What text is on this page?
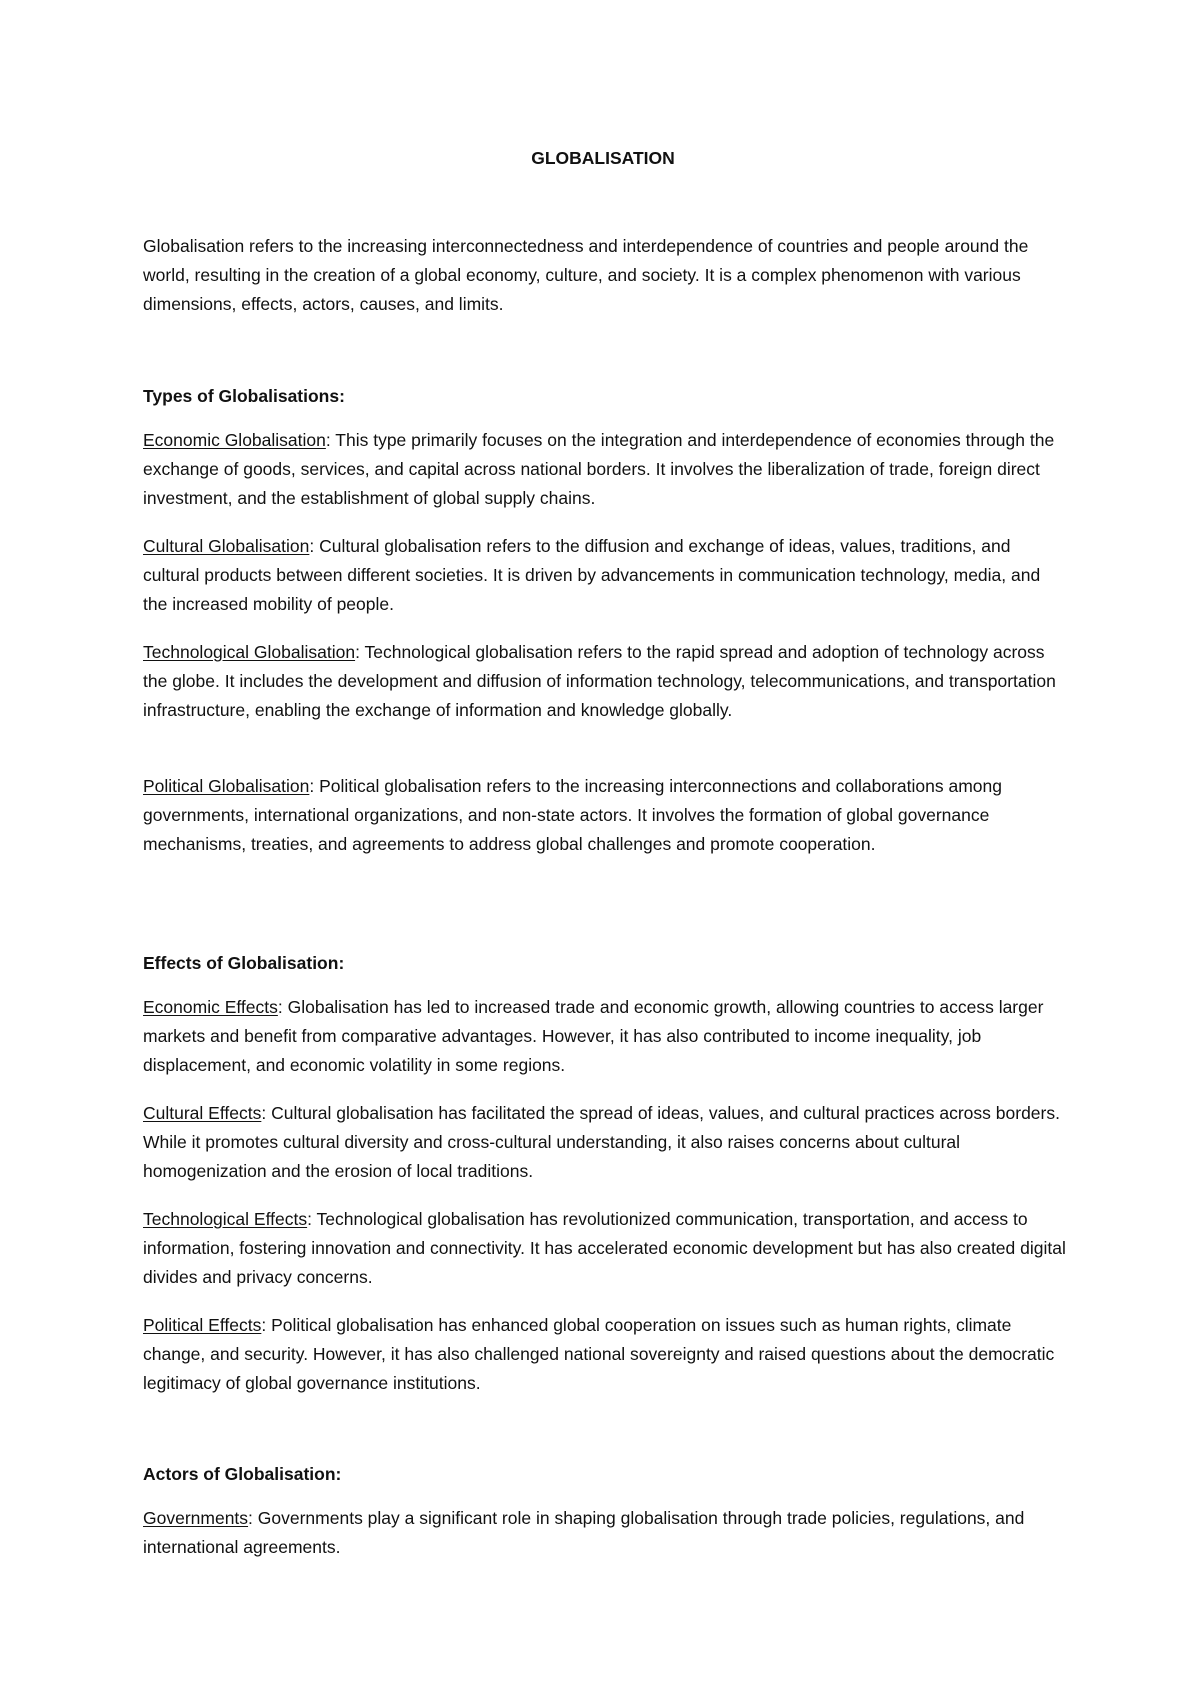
GLOBALISATION

Globalisation refers to the increasing interconnectedness and interdependence of countries and people around the world, resulting in the creation of a global economy, culture, and society. It is a complex phenomenon with various dimensions, effects, actors, causes, and limits.

Types of Globalisations:

Economic Globalisation: This type primarily focuses on the integration and interdependence of economies through the exchange of goods, services, and capital across national borders. It involves the liberalization of trade, foreign direct investment, and the establishment of global supply chains.

Cultural Globalisation: Cultural globalisation refers to the diffusion and exchange of ideas, values, traditions, and cultural products between different societies. It is driven by advancements in communication technology, media, and the increased mobility of people.

Technological Globalisation: Technological globalisation refers to the rapid spread and adoption of technology across the globe. It includes the development and diffusion of information technology, telecommunications, and transportation infrastructure, enabling the exchange of information and knowledge globally.

Political Globalisation: Political globalisation refers to the increasing interconnections and collaborations among governments, international organizations, and non-state actors. It involves the formation of global governance mechanisms, treaties, and agreements to address global challenges and promote cooperation.

Effects of Globalisation:

Economic Effects: Globalisation has led to increased trade and economic growth, allowing countries to access larger markets and benefit from comparative advantages. However, it has also contributed to income inequality, job displacement, and economic volatility in some regions.

Cultural Effects: Cultural globalisation has facilitated the spread of ideas, values, and cultural practices across borders. While it promotes cultural diversity and cross-cultural understanding, it also raises concerns about cultural homogenization and the erosion of local traditions.

Technological Effects: Technological globalisation has revolutionized communication, transportation, and access to information, fostering innovation and connectivity. It has accelerated economic development but has also created digital divides and privacy concerns.

Political Effects: Political globalisation has enhanced global cooperation on issues such as human rights, climate change, and security. However, it has also challenged national sovereignty and raised questions about the democratic legitimacy of global governance institutions.

Actors of Globalisation:

Governments: Governments play a significant role in shaping globalisation through trade policies, regulations, and international agreements.
